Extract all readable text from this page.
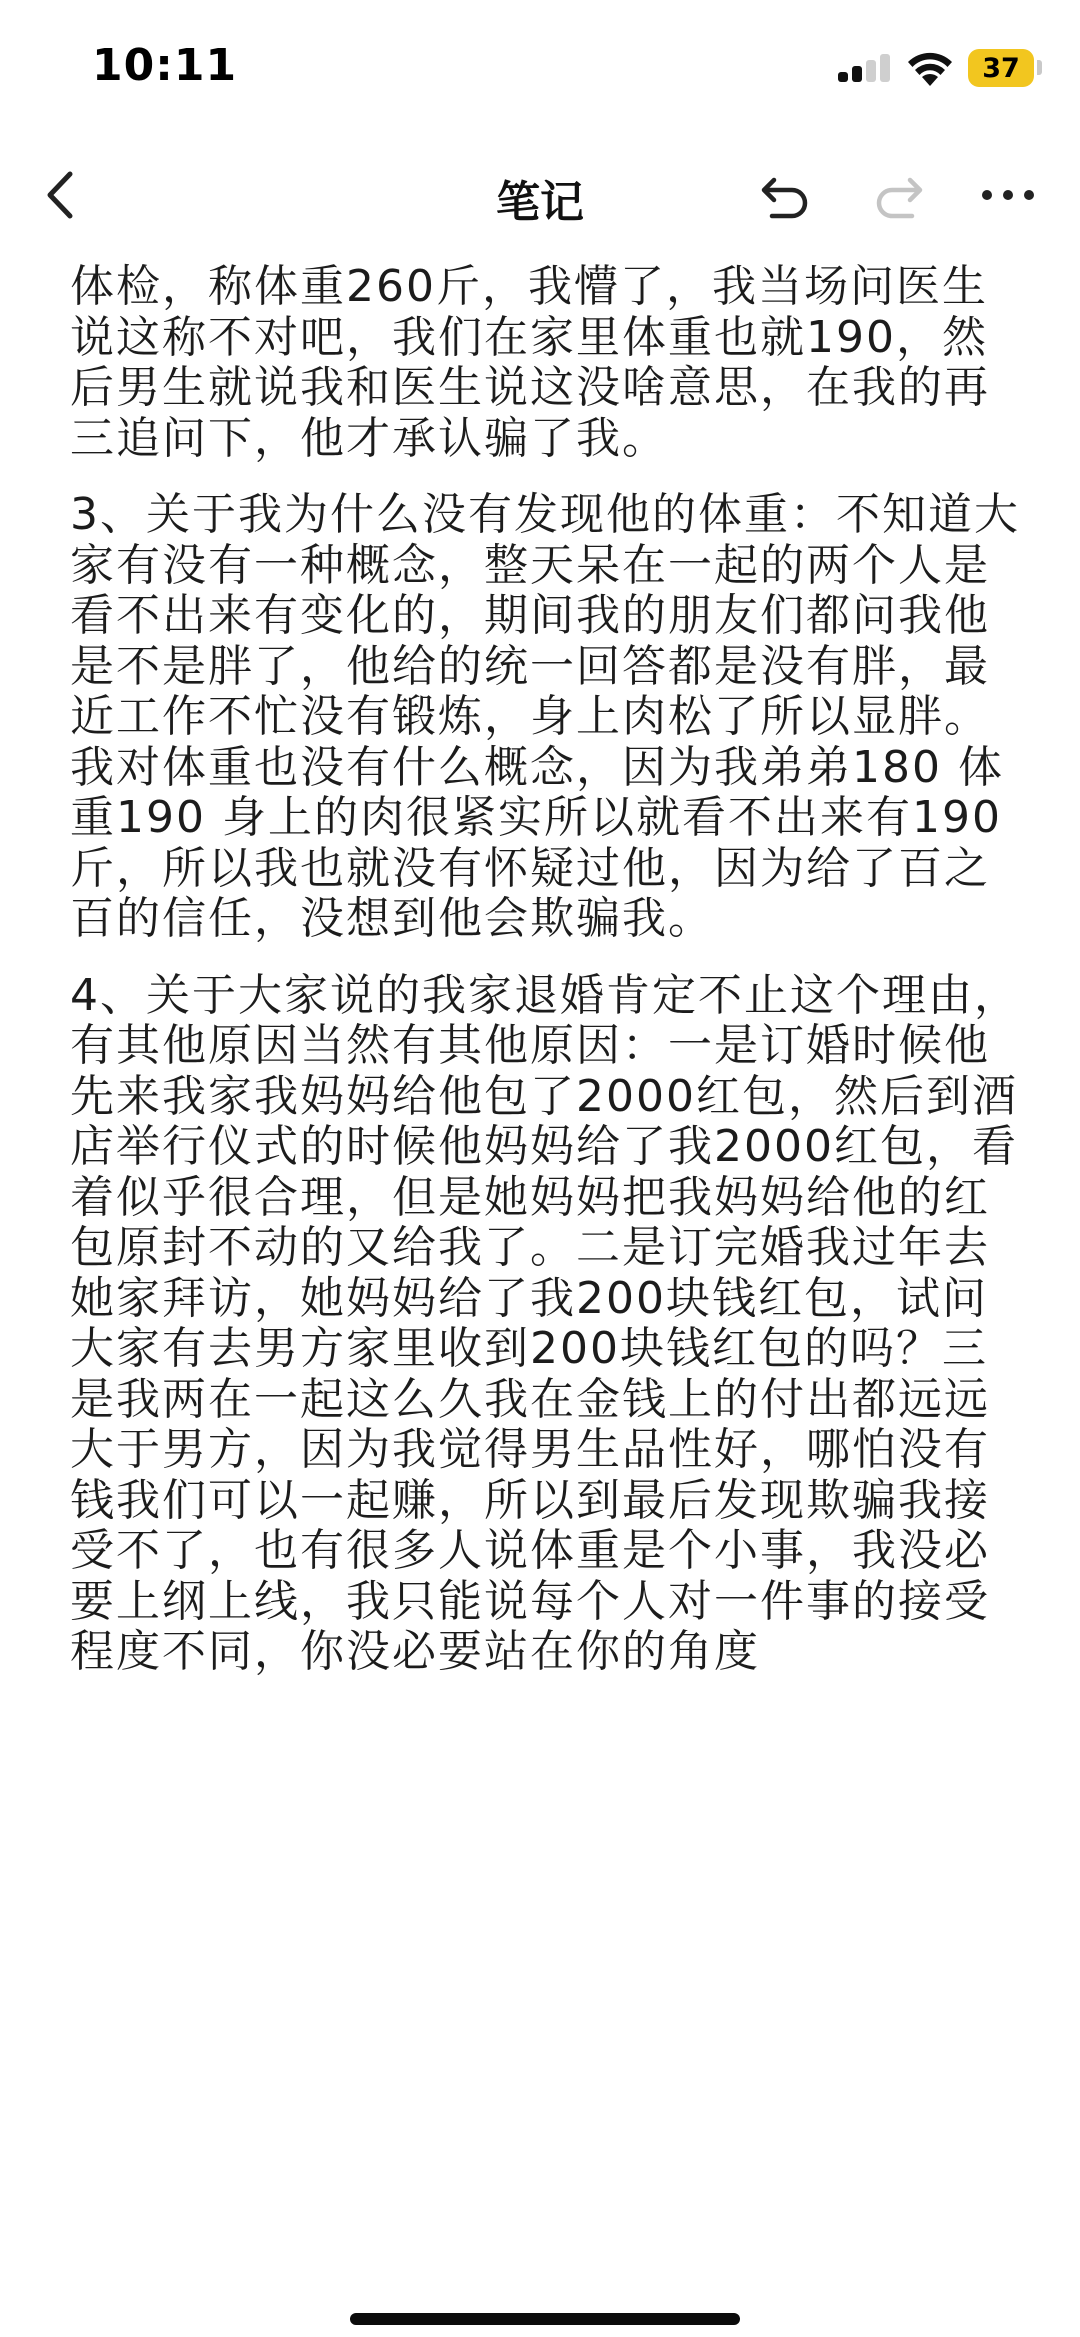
10:11	37
笔记

体检，称体重260斤，我懵了，我当场问医生说这称不对吧，我们在家里体重也就190，然后男生就说我和医生说这没啥意思，在我的再三追问下，他才承认骗了我。

3、关于我为什么没有发现他的体重：不知道大家有没有一种概念，整天呆在一起的两个人是看不出来有变化的，期间我的朋友们都问我他是不是胖了，他给的统一回答都是没有胖，最近工作不忙没有锻炼，身上肉松了所以显胖。我对体重也没有什么概念，因为我弟弟180 体重190 身上的肉很紧实所以就看不出来有190斤，所以我也就没有怀疑过他，因为给了百之百的信任，没想到他会欺骗我。

4、关于大家说的我家退婚肯定不止这个理由，有其他原因当然有其他原因：一是订婚时候他先来我家我妈妈给他包了2000红包，然后到酒店举行仪式的时候他妈妈给了我2000红包，看着似乎很合理，但是她妈妈把我妈妈给他的红包原封不动的又给我了。二是订完婚我过年去她家拜访，她妈妈给了我200块钱红包，试问大家有去男方家里收到200块钱红包的吗？三是我两在一起这么久我在金钱上的付出都远远大于男方，因为我觉得男生品性好，哪怕没有钱我们可以一起赚，所以到最后发现欺骗我接受不了，也有很多人说体重是个小事，我没必要上纲上线，我只能说每个人对一件事的接受程度不同，你没必要站在你的角度
